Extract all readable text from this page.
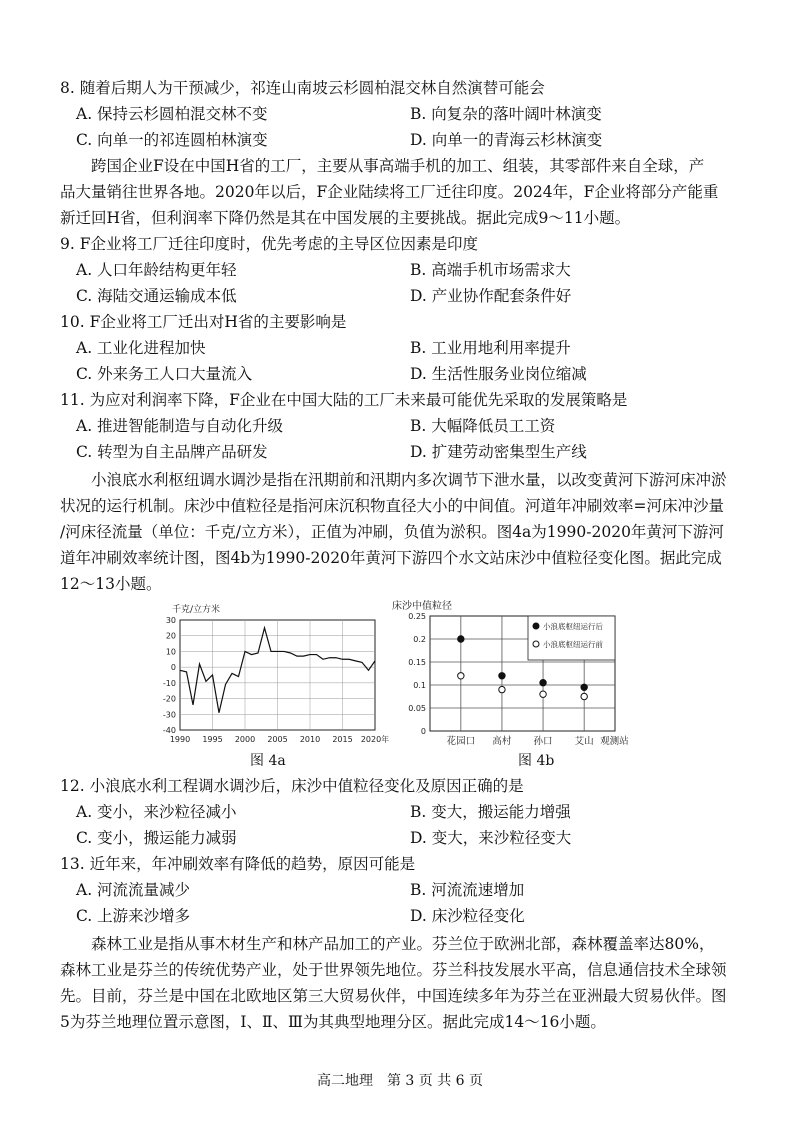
8. 随着后期人为干预减少，祁连山南坡云杉圆柏混交林自然演替可能会
A. 保持云杉圆柏混交林不变	B. 向复杂的落叶阔叶林演变
C. 向单一的祁连圆柏林演变	D. 向单一的青海云杉林演变
跨国企业F设在中国H省的工厂，主要从事高端手机的加工、组装，其零部件来自全球，产
品大量销往世界各地。2020年以后，F企业陆续将工厂迁往印度。2024年，F企业将部分产能重
新迁回H省，但利润率下降仍然是其在中国发展的主要挑战。据此完成9～11小题。
9. F企业将工厂迁往印度时，优先考虑的主导区位因素是印度
A. 人口年龄结构更年轻	B. 高端手机市场需求大
C. 海陆交通运输成本低	D. 产业协作配套条件好
10. F企业将工厂迁出对H省的主要影响是
A. 工业化进程加快	B. 工业用地利用率提升
C. 外来务工人口大量流入	D. 生活性服务业岗位缩减
11. 为应对利润率下降，F企业在中国大陆的工厂未来最可能优先采取的发展策略是
A. 推进智能制造与自动化升级	B. 大幅降低员工工资
C. 转型为自主品牌产品研发	D. 扩建劳动密集型生产线
小浪底水利枢纽调水调沙是指在汛期前和汛期内多次调节下泄水量，以改变黄河下游河床冲淤
状况的运行机制。床沙中值粒径是指河床沉积物直径大小的中间值。河道年冲刷效率=河床冲沙量
/河床径流量（单位：千克/立方米），正值为冲刷，负值为淤积。图4a为1990-2020年黄河下游河
道年冲刷效率统计图，图4b为1990-2020年黄河下游四个水文站床沙中值粒径变化图。据此完成
12～13小题。
千克/立方米
30
20
10
0
-10
-20
-30
-40
1990 1995 2000 2005 2010 2015 2020年
图 4a
床沙中值粒径
小浪底枢纽运行后
小浪底枢纽运行前
0.25
0.2
0.15
0.1
0.05
0
花园口 高村 孙口 艾山 观测站
图 4b
12. 小浪底水利工程调水调沙后，床沙中值粒径变化及原因正确的是
A. 变小，来沙粒径减小	B. 变大，搬运能力增强
C. 变小，搬运能力减弱	D. 变大，来沙粒径变大
13. 近年来，年冲刷效率有降低的趋势，原因可能是
A. 河流流量减少	B. 河流流速增加
C. 上游来沙增多	D. 床沙粒径变化
森林工业是指从事木材生产和林产品加工的产业。芬兰位于欧洲北部，森林覆盖率达80%，
森林工业是芬兰的传统优势产业，处于世界领先地位。芬兰科技发展水平高，信息通信技术全球领
先。目前，芬兰是中国在北欧地区第三大贸易伙伴，中国连续多年为芬兰在亚洲最大贸易伙伴。图
5为芬兰地理位置示意图，Ⅰ、Ⅱ、Ⅲ为其典型地理分区。据此完成14～16小题。
高二地理　第 3 页 共 6 页
